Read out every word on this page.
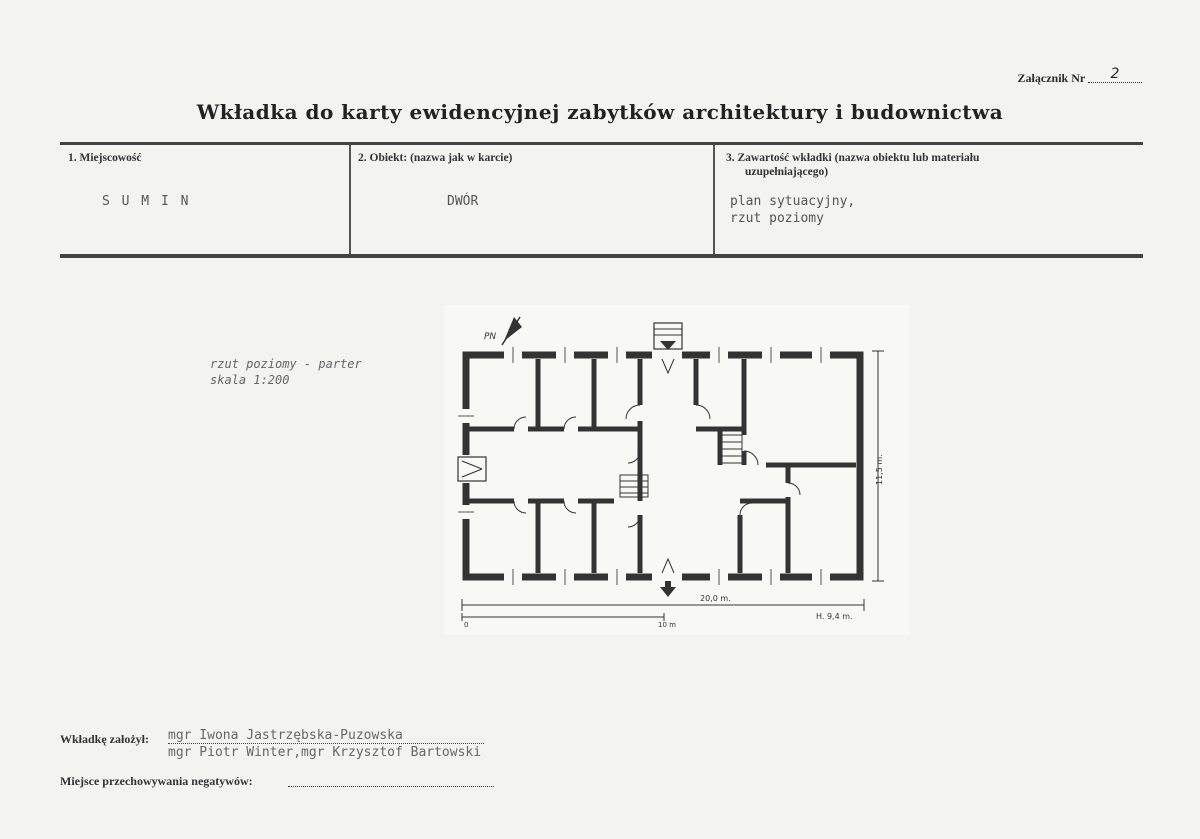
Załącznik Nr 2
Wkładka do karty ewidencyjnej zabytków architektury i budownictwa
1. Miejscowość
S U M I N
2. Obiekt: (nazwa jak w karcie)
DWÓR
3. Zawartość wkładki (nazwa obiektu lub materiału
uzupełniającego)
plan sytuacyjny,
rzut poziomy
rzut poziomy - parter
skala 1:200
PN
20,0 m.
11,5 m.
H. 9,4 m.
0	10 m
Wkładkę założył: mgr Iwona Jastrzębska-Puzowska
mgr Piotr Winter,mgr Krzysztof Bartowski
Miejsce przechowywania negatywów:
